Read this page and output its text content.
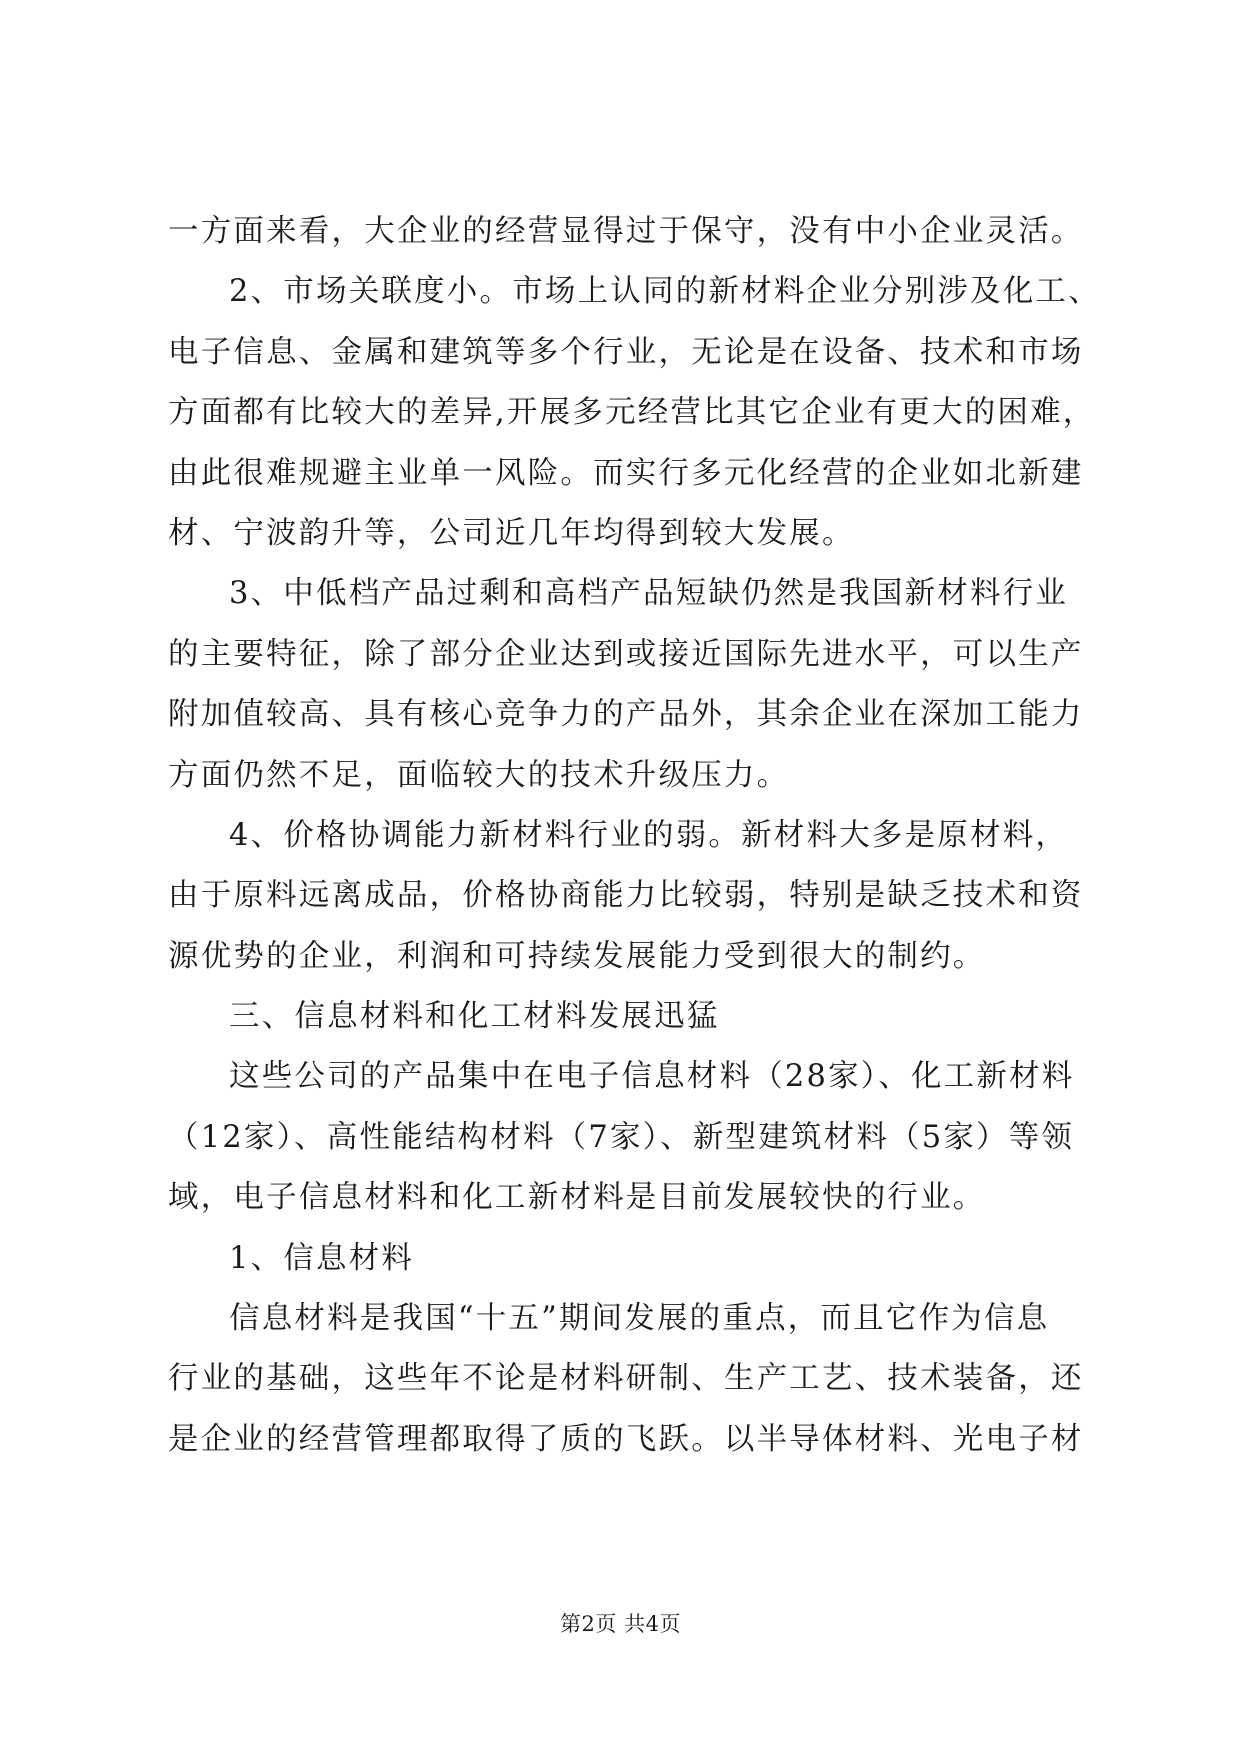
一方面来看，大企业的经营显得过于保守，没有中小企业灵活。
2、市场关联度小。市场上认同的新材料企业分别涉及化工、
电子信息、金属和建筑等多个行业，无论是在设备、技术和市场
方面都有比较大的差异,开展多元经营比其它企业有更大的困难，
由此很难规避主业单一风险。而实行多元化经营的企业如北新建
材、宁波韵升等，公司近几年均得到较大发展。
3、中低档产品过剩和高档产品短缺仍然是我国新材料行业
的主要特征，除了部分企业达到或接近国际先进水平，可以生产
附加值较高、具有核心竞争力的产品外，其余企业在深加工能力
方面仍然不足，面临较大的技术升级压力。
4、价格协调能力新材料行业的弱。新材料大多是原材料，
由于原料远离成品，价格协商能力比较弱，特别是缺乏技术和资
源优势的企业，利润和可持续发展能力受到很大的制约。
三、信息材料和化工材料发展迅猛
这些公司的产品集中在电子信息材料（28家）、化工新材料
（12家）、高性能结构材料（7家）、新型建筑材料（5家）等领
域，电子信息材料和化工新材料是目前发展较快的行业。
1、信息材料
信息材料是我国“十五”期间发展的重点，而且它作为信息
行业的基础，这些年不论是材料研制、生产工艺、技术装备，还
是企业的经营管理都取得了质的飞跃。以半导体材料、光电子材
第2页 共4页
